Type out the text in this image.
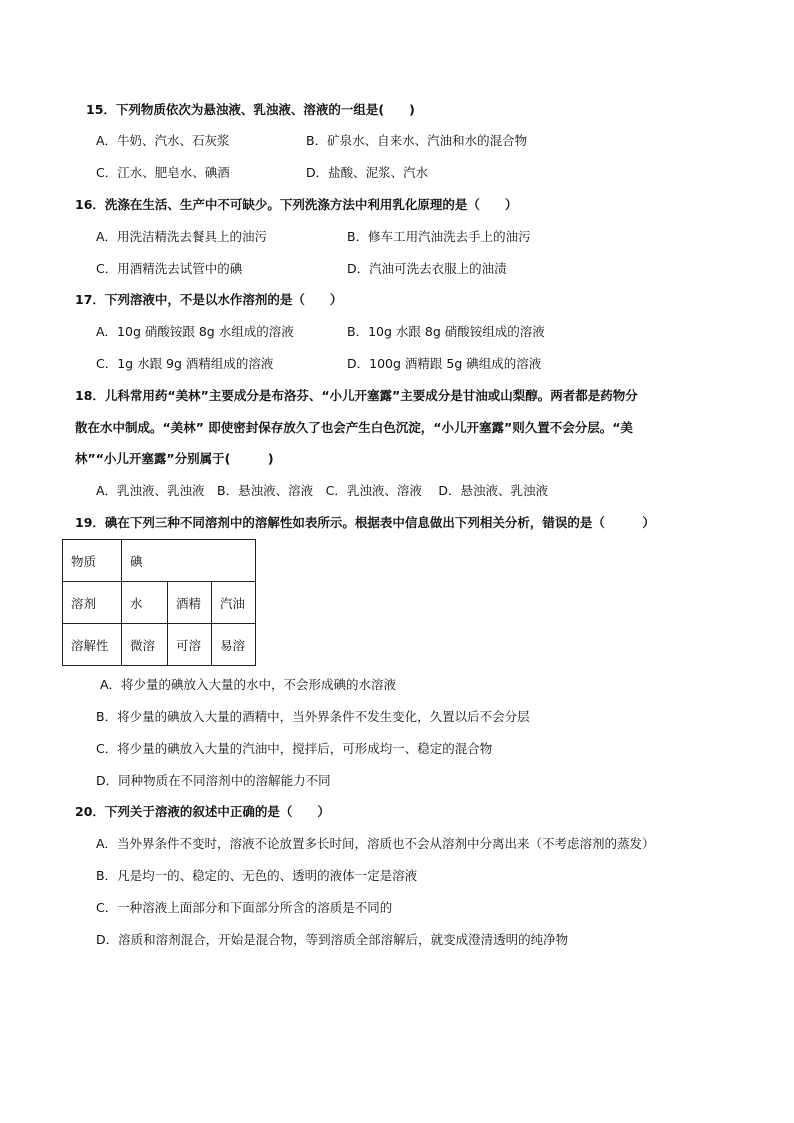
15．下列物质依次为悬浊液、乳浊液、溶液的一组是(　　)
A．牛奶、汽水、石灰浆	B．矿泉水、自来水、汽油和水的混合物
C．江水、肥皂水、碘酒	D．盐酸、泥浆、汽水
16．洗涤在生活、生产中不可缺少。下列洗涤方法中利用乳化原理的是（　　）
A．用洗洁精洗去餐具上的油污	B．修车工用汽油洗去手上的油污
C．用酒精洗去试管中的碘	D．汽油可洗去衣服上的油渍
17．下列溶液中，不是以水作溶剂的是（　　）
A．10g 硝酸铵跟 8g 水组成的溶液	B．10g 水跟 8g 硝酸铵组成的溶液
C．1g 水跟 9g 酒精组成的溶液	D．100g 酒精跟 5g 碘组成的溶液
18．儿科常用药“美林”主要成分是布洛芬、“小儿开塞露”主要成分是甘油或山梨醇。两者都是药物分
散在水中制成。“美林” 即使密封保存放久了也会产生白色沉淀，“小儿开塞露”则久置不会分层。“美
林”“小儿开塞露”分别属于(　　　)
A．乳浊液、乳浊液　B．悬浊液、溶液　C．乳浊液、溶液　 D．悬浊液、乳浊液
19．碘在下列三种不同溶剂中的溶解性如表所示。根据表中信息做出下列相关分析，错误的是（　　　）
物质	碘		
溶剂	水	酒精	汽油
溶解性	微溶	可溶	易溶
A．将少量的碘放入大量的水中，不会形成碘的水溶液
B．将少量的碘放入大量的酒精中，当外界条件不发生变化，久置以后不会分层
C．将少量的碘放入大量的汽油中，搅拌后，可形成均一、稳定的混合物
D．同种物质在不同溶剂中的溶解能力不同
20．下列关于溶液的叙述中正确的是（　　）
A．当外界条件不变时，溶液不论放置多长时间，溶质也不会从溶剂中分离出来（不考虑溶剂的蒸发）
B．凡是均一的、稳定的、无色的、透明的液体一定是溶液
C．一种溶液上面部分和下面部分所含的溶质是不同的
D．溶质和溶剂混合，开始是混合物，等到溶质全部溶解后，就变成澄清透明的纯净物
